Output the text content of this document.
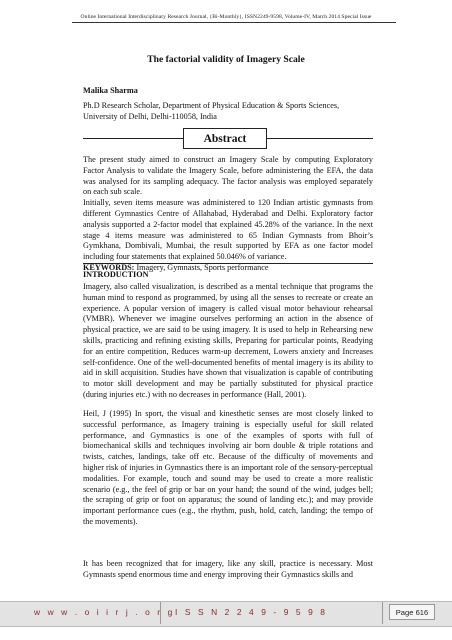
Online International Interdisciplinary Research Journal, {Bi-Monthly}, ISSN2249-9598, Volume-IV, March 2014 Special Issue
The factorial validity of Imagery Scale
Malika Sharma
Ph.D Research Scholar, Department of Physical Education & Sports Sciences,
University of Delhi, Delhi-110058, India
Abstract

The present study aimed to construct an Imagery Scale by computing Exploratory Factor Analysis to validate the Imagery Scale, before administering the EFA, the data was analysed for its sampling adequacy. The factor analysis was employed separately on each sub scale.

Initially, seven items measure was administered to 120 Indian artistic gymnasts from different Gymnastics Centre of Allahabad, Hyderabad and Delhi. Exploratory factor analysis supported a 2-factor model that explained 45.28% of the variance. In the next stage 4 items measure was administered to 65 Indian Gymnasts from Bhoir’s Gymkhana, Dombivali, Mumbai, the result supported by EFA as one factor model including four statements that explained 50.046% of variance.

KEYWORDS: Imagery, Gymnasts, Sports performance

INTRODUCTION
Imagery, also called visualization, is described as a mental technique that programs the human mind to respond as programmed, by using all the senses to recreate or create an experience. A popular version of imagery is called visual motor behaviour rehearsal (VMBR). Whenever we imagine ourselves performing an action in the absence of physical practice, we are said to be using imagery. It is used to help in Rehearsing new skills, practicing and refining existing skills, Preparing for particular points, Readying for an entire competition, Reduces warm-up decrement, Lowers anxiety and Increases self-confidence. One of the well-documented benefits of mental imagery is its ability to aid in skill acquisition. Studies have shown that visualization is capable of contributing to motor skill development and may be partially substituted for physical practice (during injuries etc.) with no decreases in performance (Hall, 2001).
Heil, J (1995) In sport, the visual and kinesthetic senses are most closely linked to successful performance, as Imagery training is especially useful for skill related performance, and Gymnastics is one of the examples of sports with full of biomechanical skills and techniques involving air born double & triple rotations and twists, catches, landings, take off etc. Because of the difficulty of movements and higher risk of injuries in Gymnastics there is an important role of the sensory-perceptual modalities. For example, touch and sound may be used to create a more realistic scenario (e.g., the feel of grip or bar on your hand; the sound of the wind, judges bell; the scraping of grip or foot on apparatus; the sound of landing etc.); and may provide important performance cues (e.g., the rhythm, push, hold, catch, landing; the tempo of the movements).
It has been recognized that for imagery, like any skill, practice is necessary. Most Gymnasts spend enormous time and energy improving their Gymnastics skills and
w w w . o i i r j . o r g I S S N 2 2 4 9 - 9 5 9 8	Page 616
